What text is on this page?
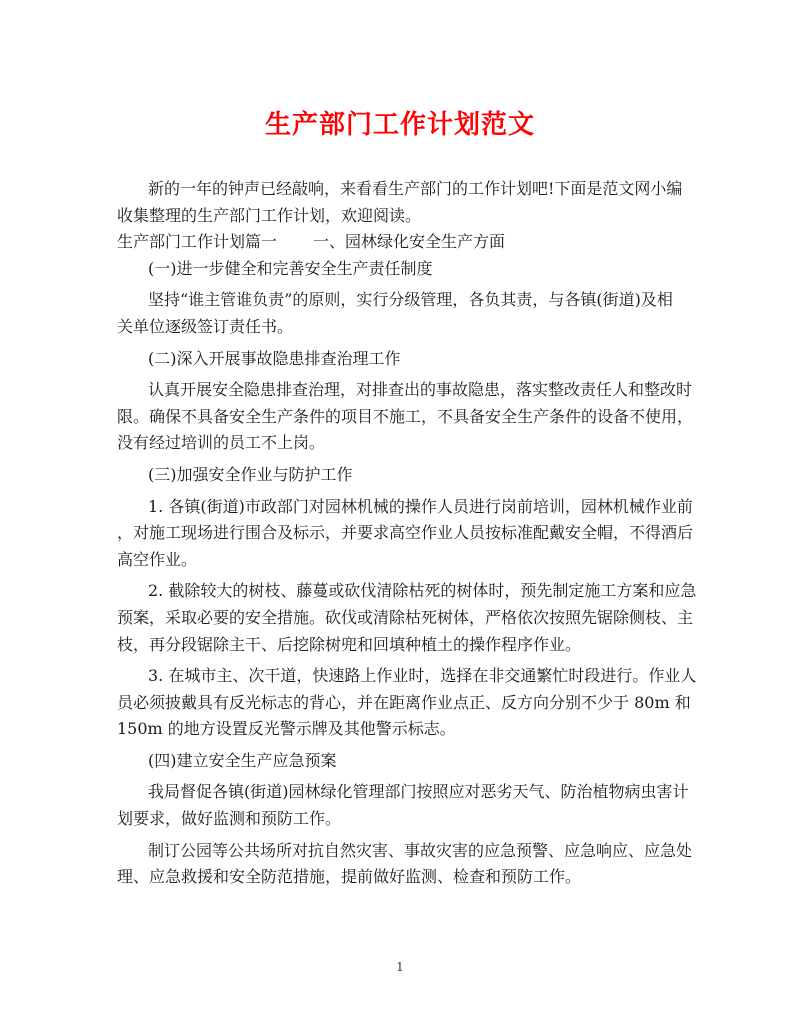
生产部门工作计划范文
新的一年的钟声已经敲响，来看看生产部门的工作计划吧!下面是范文网小编
收集整理的生产部门工作计划，欢迎阅读。
生产部门工作计划篇一 一、园林绿化安全生产方面
(一)进一步健全和完善安全生产责任制度
坚持“谁主管谁负责”的原则，实行分级管理，各负其责，与各镇(街道)及相
关单位逐级签订责任书。
(二)深入开展事故隐患排查治理工作
认真开展安全隐患排查治理，对排查出的事故隐患，落实整改责任人和整改时
限。确保不具备安全生产条件的项目不施工，不具备安全生产条件的设备不使用，
没有经过培训的员工不上岗。
(三)加强安全作业与防护工作
1. 各镇(街道)市政部门对园林机械的操作人员进行岗前培训，园林机械作业前
，对施工现场进行围合及标示，并要求高空作业人员按标准配戴安全帽，不得酒后
高空作业。
2. 截除较大的树枝、藤蔓或砍伐清除枯死的树体时，预先制定施工方案和应急
预案，采取必要的安全措施。砍伐或清除枯死树体，严格依次按照先锯除侧枝、主
枝，再分段锯除主干、后挖除树兜和回填种植土的操作程序作业。
3. 在城市主、次干道，快速路上作业时，选择在非交通繁忙时段进行。作业人
员必须披戴具有反光标志的背心，并在距离作业点正、反方向分别不少于 80m 和
150m 的地方设置反光警示牌及其他警示标志。
(四)建立安全生产应急预案
我局督促各镇(街道)园林绿化管理部门按照应对恶劣天气、防治植物病虫害计
划要求，做好监测和预防工作。
制订公园等公共场所对抗自然灾害、事故灾害的应急预警、应急响应、应急处
理、应急救援和安全防范措施，提前做好监测、检查和预防工作。
1
